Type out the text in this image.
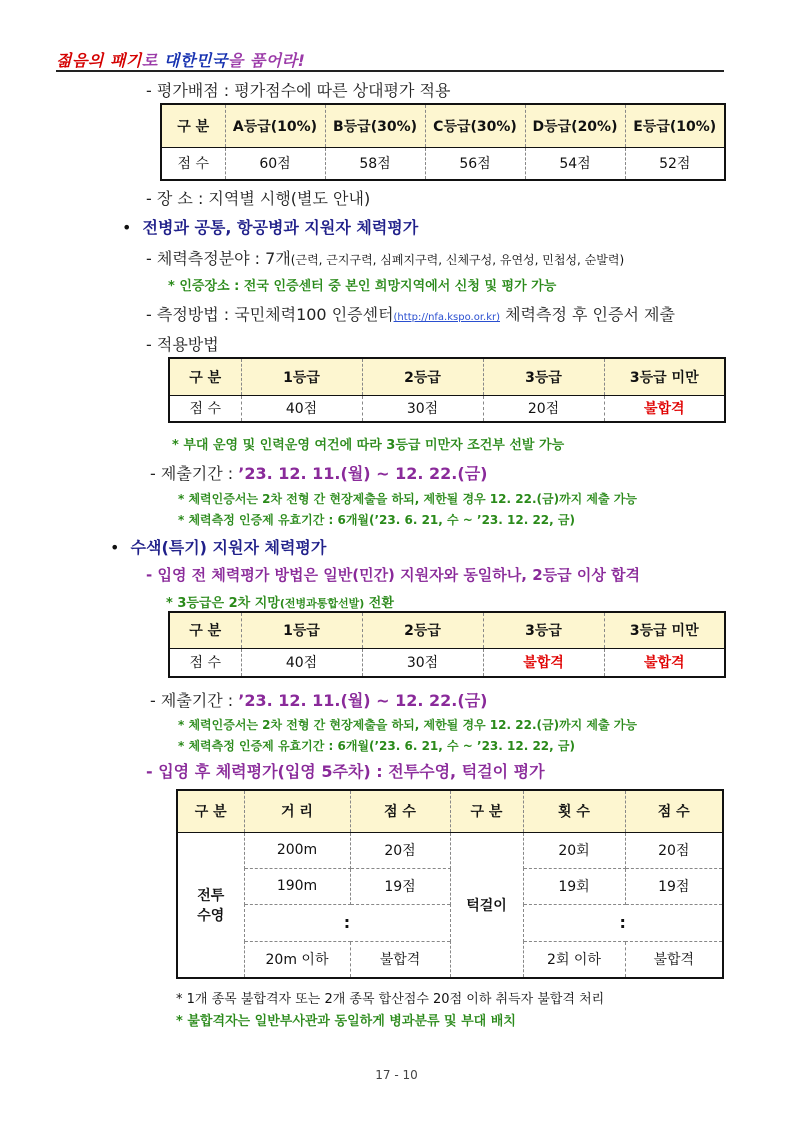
젊음의 패기로 대한민국을 품어라!
- 평가배점 : 평가점수에 따른 상대평가 적용
구 분	A등급(10%)	B등급(30%)	C등급(30%)	D등급(20%)	E등급(10%)
점 수	60점	58점	56점	54점	52점
- 장 소 : 지역별 시행(별도 안내)
• 전병과 공통, 항공병과 지원자 체력평가
- 체력측정분야 : 7개(근력, 근지구력, 심폐지구력, 신체구성, 유연성, 민첩성, 순발력)
* 인증장소 : 전국 인증센터 중 본인 희망지역에서 신청 및 평가 가능
- 측정방법 : 국민체력100 인증센터(http://nfa.kspo.or.kr) 체력측정 후 인증서 제출
- 적용방법
구 분	1등급	2등급	3등급	3등급 미만
점 수	40점	30점	20점	불합격
* 부대 운영 및 인력운영 여건에 따라 3등급 미만자 조건부 선발 가능
- 제출기간 : ’23. 12. 11.(월) ~ 12. 22.(금)
* 체력인증서는 2차 전형 간 현장제출을 하되, 제한될 경우 12. 22.(금)까지 제출 가능
* 체력측정 인증제 유효기간 : 6개월(’23. 6. 21, 수 ~ ’23. 12. 22, 금)
• 수색(특기) 지원자 체력평가
- 입영 전 체력평가 방법은 일반(민간) 지원자와 동일하나, 2등급 이상 합격
* 3등급은 2차 지망(전병과통합선발) 전환
구 분	1등급	2등급	3등급	3등급 미만
점 수	40점	30점	불합격	불합격
- 제출기간 : ’23. 12. 11.(월) ~ 12. 22.(금)
* 체력인증서는 2차 전형 간 현장제출을 하되, 제한될 경우 12. 22.(금)까지 제출 가능
* 체력측정 인증제 유효기간 : 6개월(’23. 6. 21, 수 ~ ’23. 12. 22, 금)
- 입영 후 체력평가(입영 5주차) : 전투수영, 턱걸이 평가
구 분	거 리	점 수	구 분	횟 수	점 수
전투
수영	200m	20점	턱걸이	20회	20점
	190m	19점		19회	19점
	:			:	
	20m 이하	불합격		2회 이하	불합격
* 1개 종목 불합격자 또는 2개 종목 합산점수 20점 이하 취득자 불합격 처리
* 불합격자는 일반부사관과 동일하게 병과분류 및 부대 배치
17 - 10
